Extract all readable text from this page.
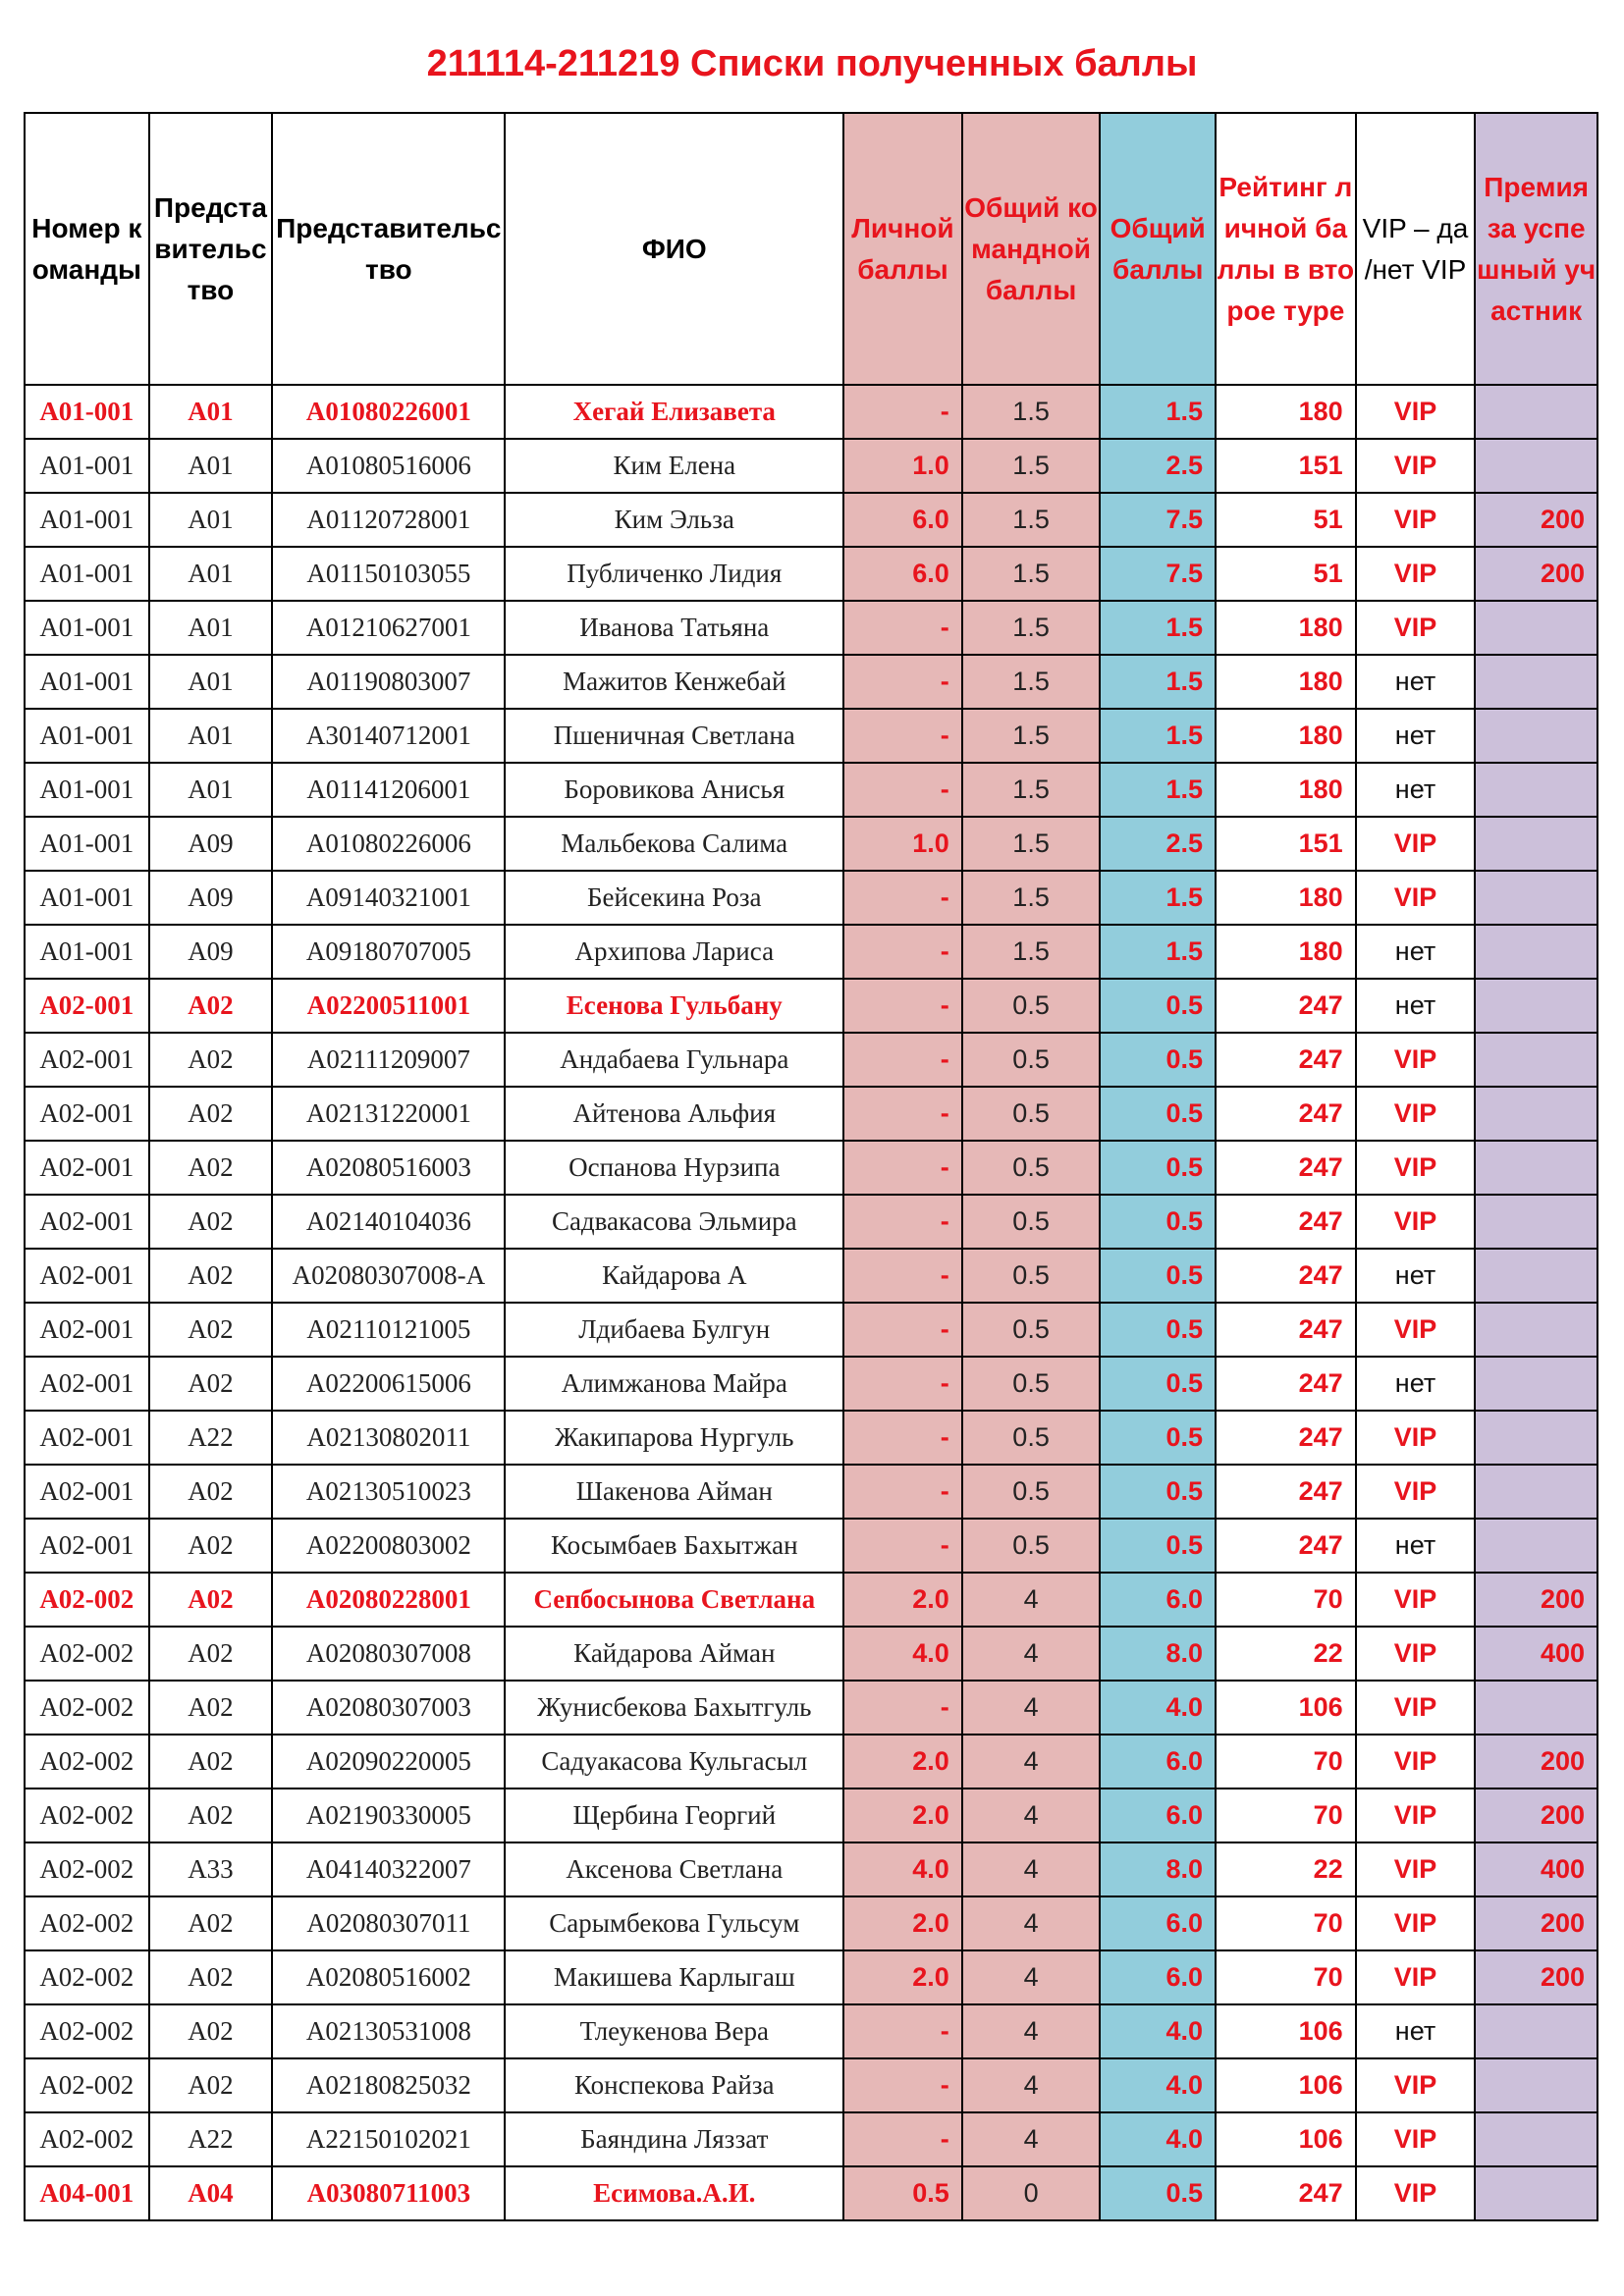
211114-211219 Списки полученных баллы
Номер команды	Представительство	Представительство	ФИО	Личной баллы	Общий командной баллы	Общий баллы	Рейтинг личной баллы в второе туре	VIP – да /нет VIP	Премия за успешный участник
A01-001	A01	A01080226001	Хегай Елизавета	-	1.5	1.5	180	VIP	
A01-001	A01	A01080516006	Ким Елена	1.0	1.5	2.5	151	VIP	
A01-001	A01	A01120728001	Ким Эльза	6.0	1.5	7.5	51	VIP	200
A01-001	A01	A01150103055	Публиченко Лидия	6.0	1.5	7.5	51	VIP	200
A01-001	A01	A01210627001	Иванова Татьяна	-	1.5	1.5	180	VIP	
A01-001	A01	A01190803007	Мажитов Кенжебай	-	1.5	1.5	180	нет	
A01-001	A01	A30140712001	Пшеничная Светлана	-	1.5	1.5	180	нет	
A01-001	A01	A01141206001	Боровикова Анисья	-	1.5	1.5	180	нет	
A01-001	A09	A01080226006	Мальбекова Салима	1.0	1.5	2.5	151	VIP	
A01-001	A09	A09140321001	Бейсекина Роза	-	1.5	1.5	180	VIP	
A01-001	A09	A09180707005	Архипова Лариса	-	1.5	1.5	180	нет	
A02-001	A02	A02200511001	Есенова Гульбану	-	0.5	0.5	247	нет	
A02-001	A02	A02111209007	Андабаева Гульнара	-	0.5	0.5	247	VIP	
A02-001	A02	A02131220001	Айтенова Альфия	-	0.5	0.5	247	VIP	
A02-001	A02	A02080516003	Оспанова Нурзипа	-	0.5	0.5	247	VIP	
A02-001	A02	A02140104036	Садвакасова Эльмира	-	0.5	0.5	247	VIP	
A02-001	A02	A02080307008-A	Кайдарова А	-	0.5	0.5	247	нет	
A02-001	A02	A02110121005	Лдибаева Булгун	-	0.5	0.5	247	VIP	
A02-001	A02	A02200615006	Алимжанова Майра	-	0.5	0.5	247	нет	
A02-001	A22	A02130802011	Жакипарова Нургуль	-	0.5	0.5	247	VIP	
A02-001	A02	A02130510023	Шакенова Айман	-	0.5	0.5	247	VIP	
A02-001	A02	A02200803002	Косымбаев Бахытжан	-	0.5	0.5	247	нет	
A02-002	A02	A02080228001	Сепбосынова Светлана	2.0	4	6.0	70	VIP	200
A02-002	A02	A02080307008	Кайдарова Айман	4.0	4	8.0	22	VIP	400
A02-002	A02	A02080307003	Жунисбекова Бахытгуль	-	4	4.0	106	VIP	
A02-002	A02	A02090220005	Садуакасова Кульгасыл	2.0	4	6.0	70	VIP	200
A02-002	A02	A02190330005	Щербина Георгий	2.0	4	6.0	70	VIP	200
A02-002	A33	A04140322007	Аксенова Светлана	4.0	4	8.0	22	VIP	400
A02-002	A02	A02080307011	Сарымбекова Гульсум	2.0	4	6.0	70	VIP	200
A02-002	A02	A02080516002	Макишева Карлыгаш	2.0	4	6.0	70	VIP	200
A02-002	A02	A02130531008	Тлеукенова Вера	-	4	4.0	106	нет	
A02-002	A02	A02180825032	Конспекова Райза	-	4	4.0	106	VIP	
A02-002	A22	A22150102021	Баяндина Ляззат	-	4	4.0	106	VIP	
A04-001	A04	A03080711003	Есимова.А.И.	0.5	0	0.5	247	VIP	
